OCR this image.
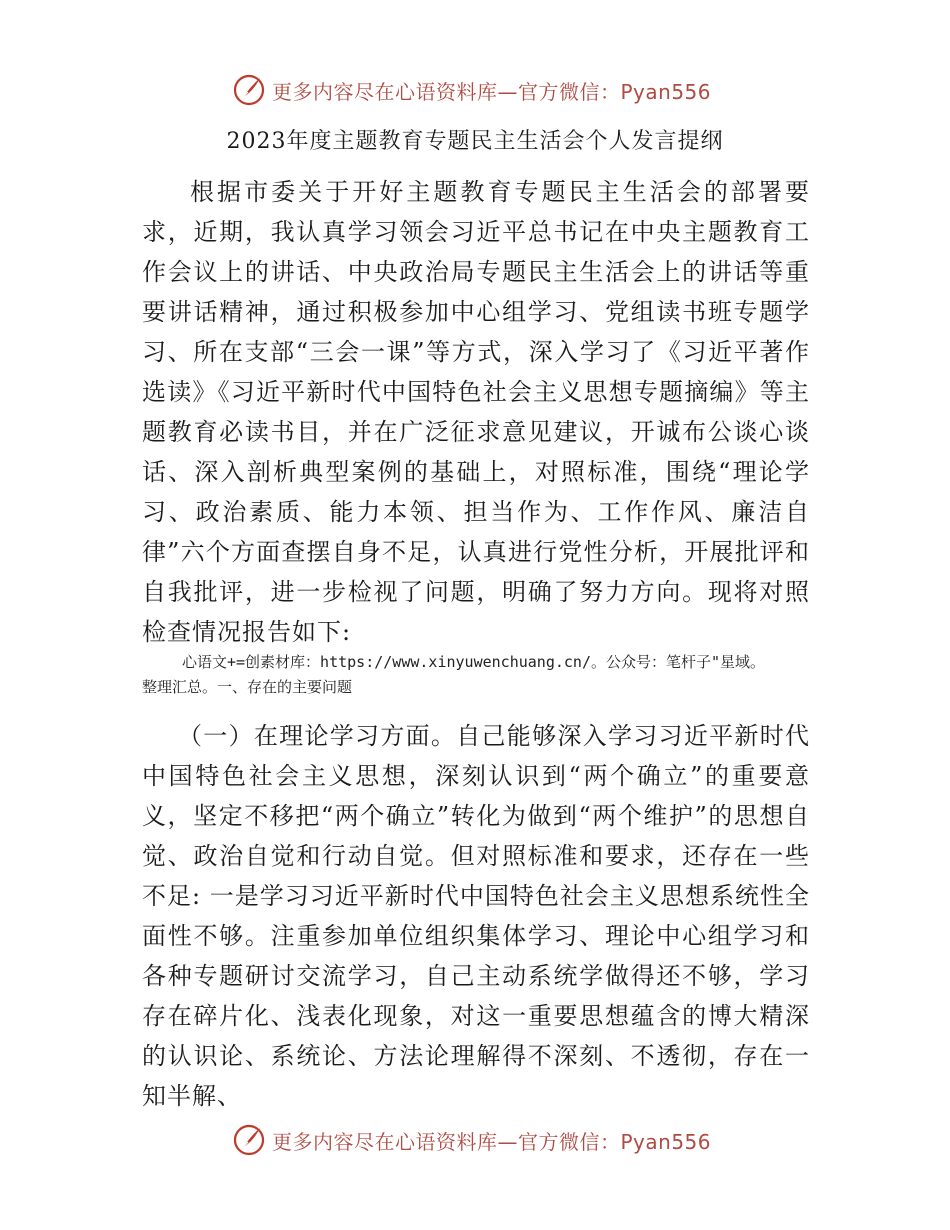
更多内容尽在心语资料库—官方微信：Pyan556
2023年度主题教育专题民主生活会个人发言提纲

根据市委关于开好主题教育专题民主生活会的部署要求，近期，我认真学习领会习近平总书记在中央主题教育工作会议上的讲话、中央政治局专题民主生活会上的讲话等重要讲话精神，通过积极参加中心组学习、党组读书班专题学习、所在支部“三会一课”等方式，深入学习了《习近平著作选读》《习近平新时代中国特色社会主义思想专题摘编》等主题教育必读书目，并在广泛征求意见建议，开诚布公谈心谈话、深入剖析典型案例的基础上，对照标准，围绕“理论学习、政治素质、能力本领、担当作为、工作作风、廉洁自律”六个方面查摆自身不足，认真进行党性分析，开展批评和自我批评，进一步检视了问题，明确了努力方向。现将对照检查情况报告如下:

心语文+=创素材库：https://www.xinyuwenchuang.cn/。公众号：笔杆子"星域。
整理汇总。一、存在的主要问题

（一）在理论学习方面。自己能够深入学习习近平新时代中国特色社会主义思想，深刻认识到“两个确立”的重要意义，坚定不移把“两个确立”转化为做到“两个维护”的思想自觉、政治自觉和行动自觉。但对照标准和要求，还存在一些不足: 一是学习习近平新时代中国特色社会主义思想系统性全面性不够。注重参加单位组织集体学习、理论中心组学习和各种专题研讨交流学习，自己主动系统学做得还不够，学习存在碎片化、浅表化现象，对这一重要思想蕴含的博大精深的认识论、系统论、方法论理解得不深刻、不透彻，存在一知半解、

更多内容尽在心语资料库—官方微信：Pyan556
